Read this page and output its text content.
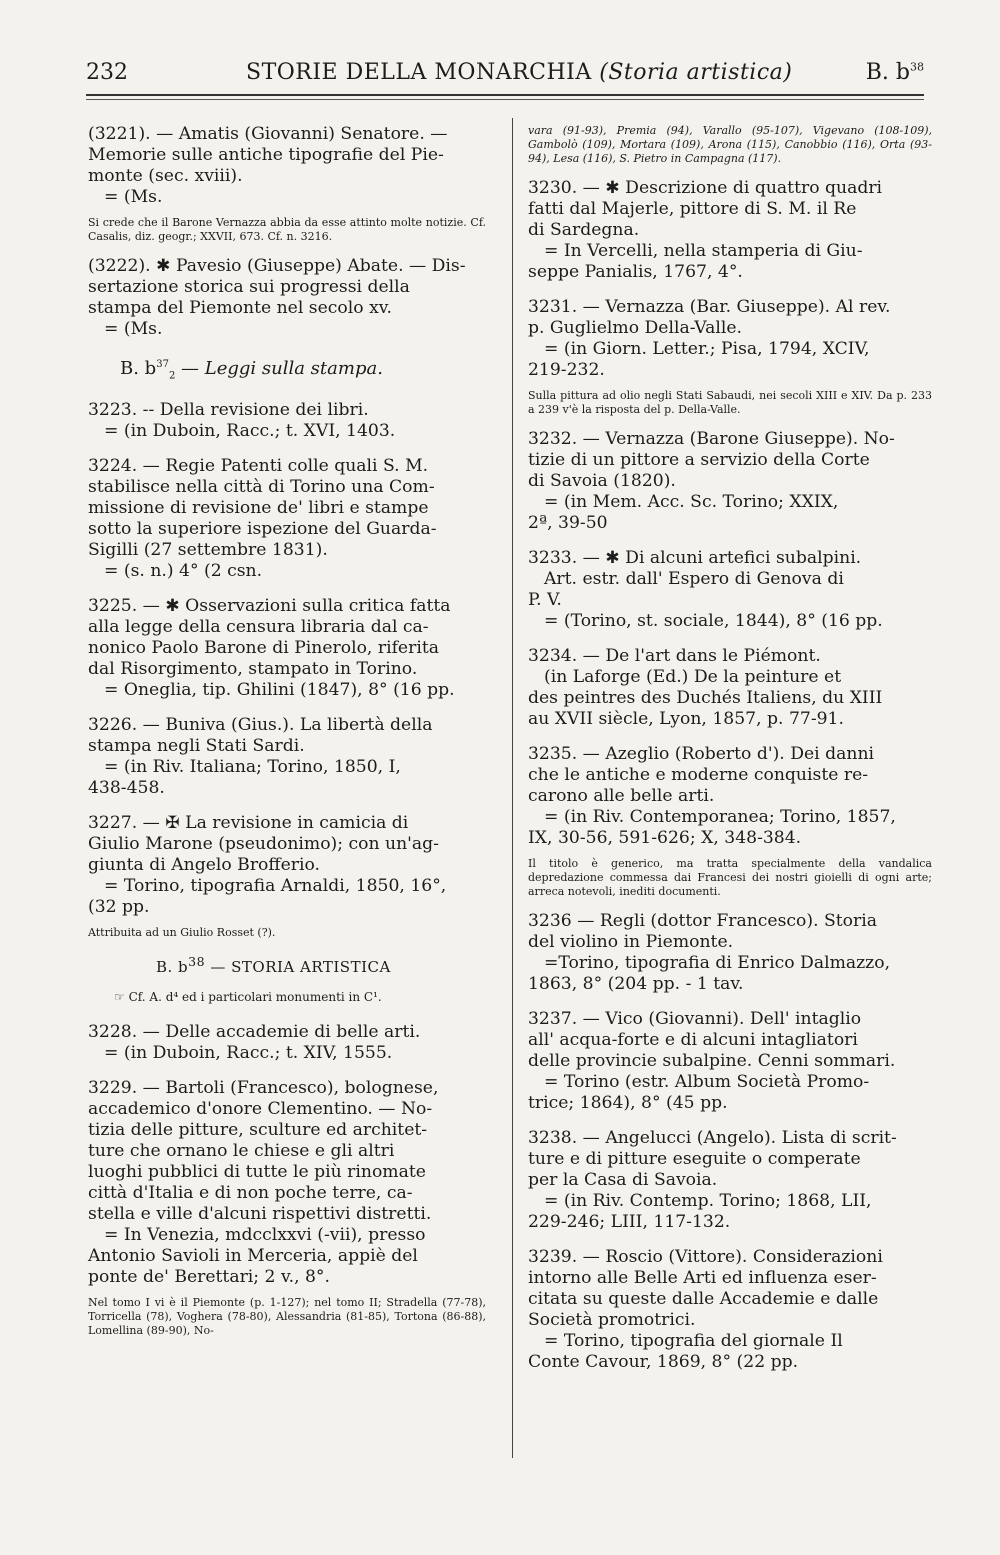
232	STORIE DELLA MONARCHIA (Storia artistica)	B. $b^{38}$
(3221). — Amatis (Giovanni) Senatore. —
Memorie sulle antiche tipografie del Pie-
monte (sec. xviii).
= (Ms.
Si crede che il Barone Vernazza abbia da esse attinto molte notizie. Cf. Casalis, diz. geogr.; XXVII, 673. Cf. n. 3216.
(3222). ✱ Pavesio (Giuseppe) Abate. — Dis-
sertazione storica sui progressi della
stampa del Piemonte nel secolo xv.
= (Ms.
B. $b^{37}_2$ — Leggi sulla stampa.
3223. -- Della revisione dei libri.
= (in Duboin, Racc.; t. XVI, 1403.
3224. — Regie Patenti colle quali S. M.
stabilisce nella città di Torino una Com-
missione di revisione de' libri e stampe
sotto la superiore ispezione del Guarda-
Sigilli (27 settembre 1831).
= (s. n.) 4° (2 csn.
3225. — ✱ Osservazioni sulla critica fatta
alla legge della censura libraria dal ca-
nonico Paolo Barone di Pinerolo, riferita
dal Risorgimento, stampato in Torino.
= Oneglia, tip. Ghilini (1847), 8° (16 pp.
3226. — Buniva (Gius.). La libertà della
stampa negli Stati Sardi.
= (in Riv. Italiana; Torino, 1850, I,
438-458.
3227. — ✠ La revisione in camicia di
Giulio Marone (pseudonimo); con un'ag-
giunta di Angelo Brofferio.
= Torino, tipografia Arnaldi, 1850, 16°,
(32 pp.
Attribuita ad un Giulio Rosset (?).
B. $b^{38}$ — STORIA ARTISTICA
☞ Cf. A. d⁴ ed i particolari monumenti in C¹.
3228. — Delle accademie di belle arti.
= (in Duboin, Racc.; t. XIV, 1555.
3229. — Bartoli (Francesco), bolognese,
accademico d'onore Clementino. — No-
tizia delle pitture, sculture ed architet-
ture che ornano le chiese e gli altri
luoghi pubblici di tutte le più rinomate
città d'Italia e di non poche terre, ca-
stella e ville d'alcuni rispettivi distretti.
= In Venezia, mdcclxxvi (-vii), presso
Antonio Savioli in Merceria, appiè del
ponte de' Berettari; 2 v., 8°.
Nel tomo I vi è il Piemonte (p. 1-127); nel tomo II; Stradella (77-78), Torricella (78), Voghera (78-80), Alessandria (81-85), Tortona (86-88), Lomellina (89-90), No-
vara (91-93), Premia (94), Varallo (95-107), Vigevano (108-109), Gambolò (109), Mortara (109), Arona (115), Canobbio (116), Orta (93-94), Lesa (116), S. Pietro in Campagna (117).
3230. — ✱ Descrizione di quattro quadri
fatti dal Majerle, pittore di S. M. il Re
di Sardegna.
= In Vercelli, nella stamperia di Giu-
seppe Panialis, 1767, 4°.
3231. — Vernazza (Bar. Giuseppe). Al rev.
p. Guglielmo Della-Valle.
= (in Giorn. Letter.; Pisa, 1794, XCIV,
219-232.
Sulla pittura ad olio negli Stati Sabaudi, nei secoli XIII e XIV. Da p. 233 a 239 v'è la risposta del p. Della-Valle.
3232. — Vernazza (Barone Giuseppe). No-
tizie di un pittore a servizio della Corte
di Savoia (1820).
= (in Mem. Acc. Sc. Torino; XXIX,
2ª, 39-50
3233. — ✱ Di alcuni artefici subalpini.
Art. estr. dall' Espero di Genova di
P. V.
= (Torino, st. sociale, 1844), 8° (16 pp.
3234. — De l'art dans le Piémont.
(in Laforge (Ed.) De la peinture et
des peintres des Duchés Italiens, du XIII
au XVII siècle, Lyon, 1857, p. 77-91.
3235. — Azeglio (Roberto d'). Dei danni
che le antiche e moderne conquiste re-
carono alle belle arti.
= (in Riv. Contemporanea; Torino, 1857,
IX, 30-56, 591-626; X, 348-384.
Il titolo è generico, ma tratta specialmente della vandalica depredazione commessa dai Francesi dei nostri gioielli di ogni arte; arreca notevoli, inediti documenti.
3236 — Regli (dottor Francesco). Storia
del violino in Piemonte.
=Torino, tipografia di Enrico Dalmazzo,
1863, 8° (204 pp. - 1 tav.
3237. — Vico (Giovanni). Dell' intaglio
all' acqua-forte e di alcuni intagliatori
delle provincie subalpine. Cenni sommari.
= Torino (estr. Album Società Promo-
trice; 1864), 8° (45 pp.
3238. — Angelucci (Angelo). Lista di scrit-
ture e di pitture eseguite o comperate
per la Casa di Savoia.
= (in Riv. Contemp. Torino; 1868, LII,
229-246; LIII, 117-132.
3239. — Roscio (Vittore). Considerazioni
intorno alle Belle Arti ed influenza eser-
citata su queste dalle Accademie e dalle
Società promotrici.
= Torino, tipografia del giornale Il
Conte Cavour, 1869, 8° (22 pp.
